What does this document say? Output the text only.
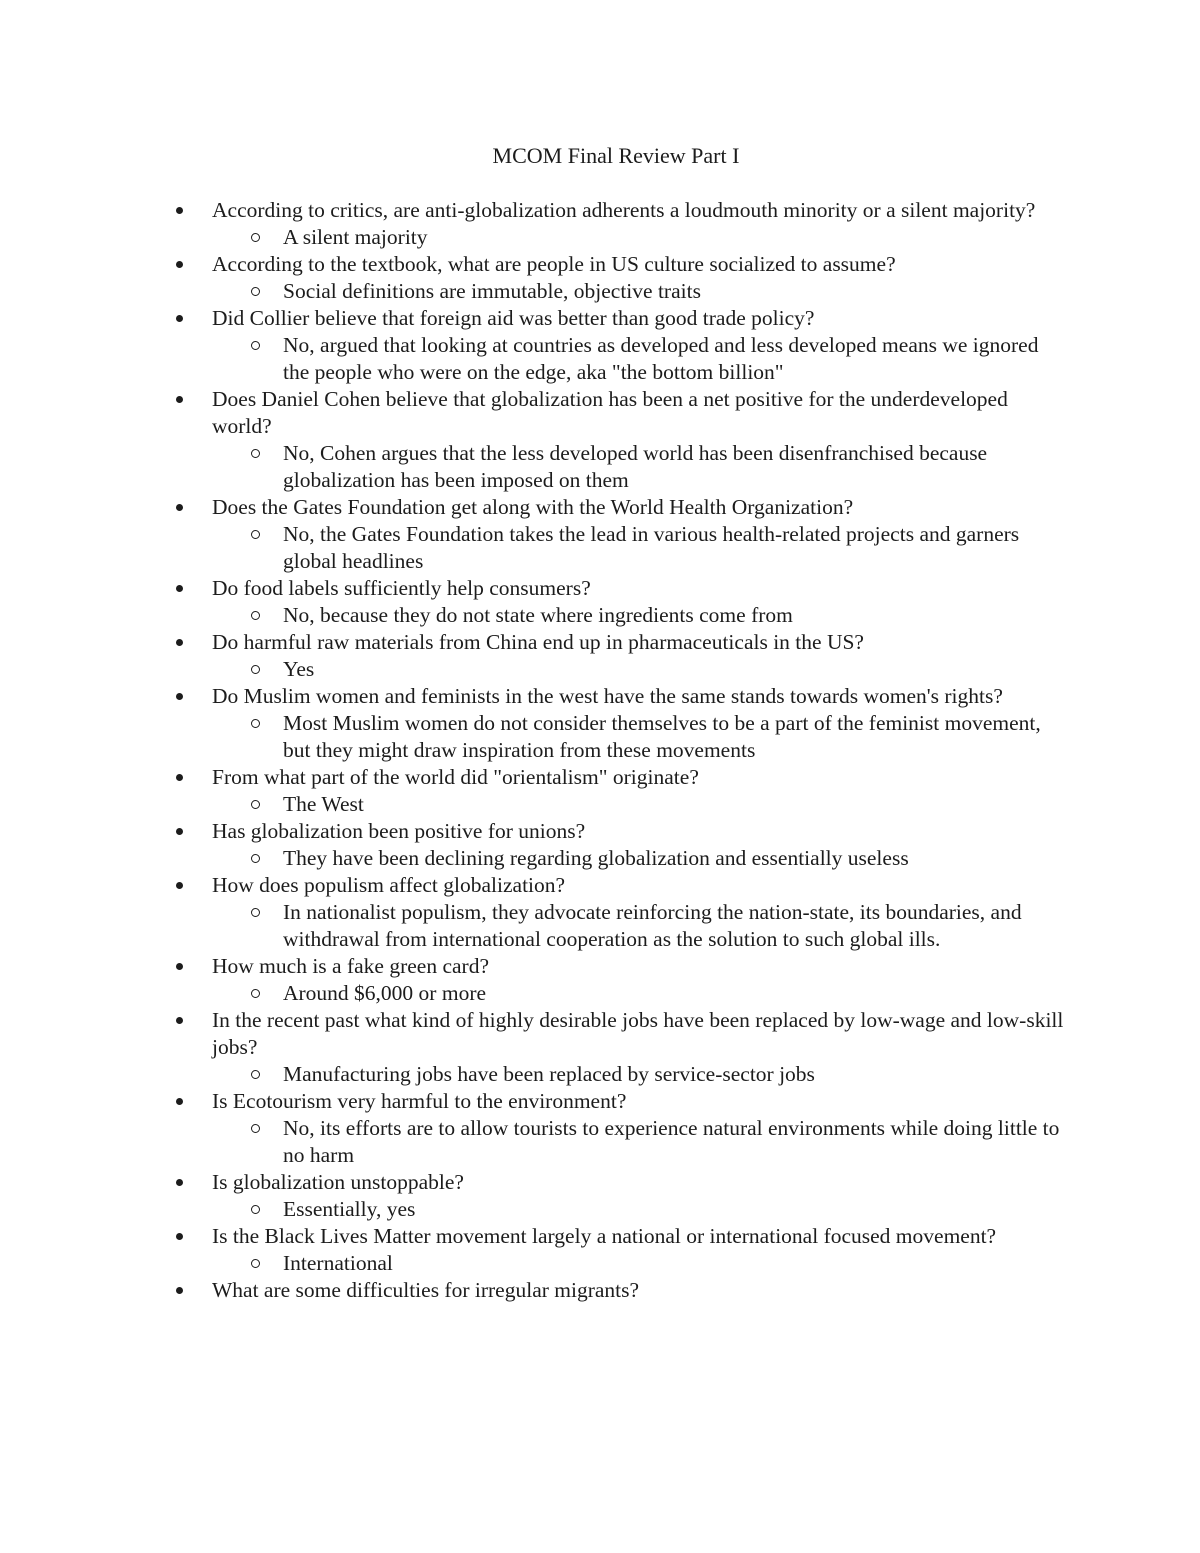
MCOM Final Review Part I
According to critics, are anti-globalization adherents a loudmouth minority or a silent majority?
A silent majority
According to the textbook, what are people in US culture socialized to assume?
Social definitions are immutable, objective traits
Did Collier believe that foreign aid was better than good trade policy?
No, argued that looking at countries as developed and less developed means we ignored the people who were on the edge, aka "the bottom billion"
Does Daniel Cohen believe that globalization has been a net positive for the underdeveloped world?
No, Cohen argues that the less developed world has been disenfranchised because globalization has been imposed on them
Does the Gates Foundation get along with the World Health Organization?
No, the Gates Foundation takes the lead in various health-related projects and garners global headlines
Do food labels sufficiently help consumers?
No, because they do not state where ingredients come from
Do harmful raw materials from China end up in pharmaceuticals in the US?
Yes
Do Muslim women and feminists in the west have the same stands towards women's rights?
Most Muslim women do not consider themselves to be a part of the feminist movement, but they might draw inspiration from these movements
From what part of the world did "orientalism" originate?
The West
Has globalization been positive for unions?
They have been declining regarding globalization and essentially useless
How does populism affect globalization?
In nationalist populism, they advocate reinforcing the nation-state, its boundaries, and withdrawal from international cooperation as the solution to such global ills.
How much is a fake green card?
Around $6,000 or more
In the recent past what kind of highly desirable jobs have been replaced by low-wage and low-skill jobs?
Manufacturing jobs have been replaced by service-sector jobs
Is Ecotourism very harmful to the environment?
No, its efforts are to allow tourists to experience natural environments while doing little to no harm
Is globalization unstoppable?
Essentially, yes
Is the Black Lives Matter movement largely a national or international focused movement?
International
What are some difficulties for irregular migrants?
